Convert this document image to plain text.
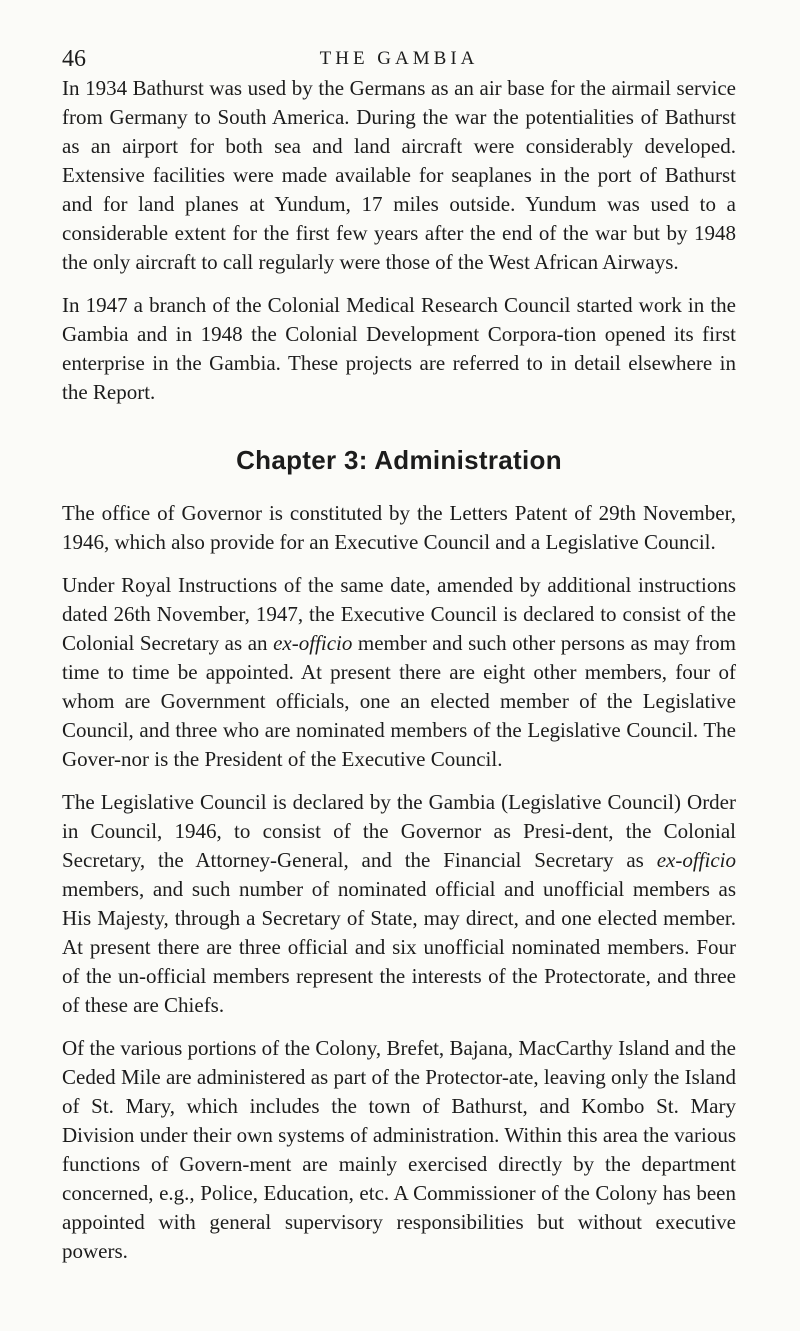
46	THE GAMBIA

In 1934 Bathurst was used by the Germans as an air base for the airmail service from Germany to South America. During the war the potentialities of Bathurst as an airport for both sea and land aircraft were considerably developed. Extensive facilities were made available for seaplanes in the port of Bathurst and for land planes at Yundum, 17 miles outside. Yundum was used to a considerable extent for the first few years after the end of the war but by 1948 the only aircraft to call regularly were those of the West African Airways.

In 1947 a branch of the Colonial Medical Research Council started work in the Gambia and in 1948 the Colonial Development Corpora-tion opened its first enterprise in the Gambia. These projects are referred to in detail elsewhere in the Report.

Chapter 3: Administration

The office of Governor is constituted by the Letters Patent of 29th November, 1946, which also provide for an Executive Council and a Legislative Council.

Under Royal Instructions of the same date, amended by additional instructions dated 26th November, 1947, the Executive Council is declared to consist of the Colonial Secretary as an ex-officio member and such other persons as may from time to time be appointed. At present there are eight other members, four of whom are Government officials, one an elected member of the Legislative Council, and three who are nominated members of the Legislative Council. The Gover-nor is the President of the Executive Council.

The Legislative Council is declared by the Gambia (Legislative Council) Order in Council, 1946, to consist of the Governor as Presi-dent, the Colonial Secretary, the Attorney-General, and the Financial Secretary as ex-officio members, and such number of nominated official and unofficial members as His Majesty, through a Secretary of State, may direct, and one elected member. At present there are three official and six unofficial nominated members. Four of the un-official members represent the interests of the Protectorate, and three of these are Chiefs.

Of the various portions of the Colony, Brefet, Bajana, MacCarthy Island and the Ceded Mile are administered as part of the Protector-ate, leaving only the Island of St. Mary, which includes the town of Bathurst, and Kombo St. Mary Division under their own systems of administration. Within this area the various functions of Govern-ment are mainly exercised directly by the department concerned, e.g., Police, Education, etc. A Commissioner of the Colony has been appointed with general supervisory responsibilities but without executive powers.
